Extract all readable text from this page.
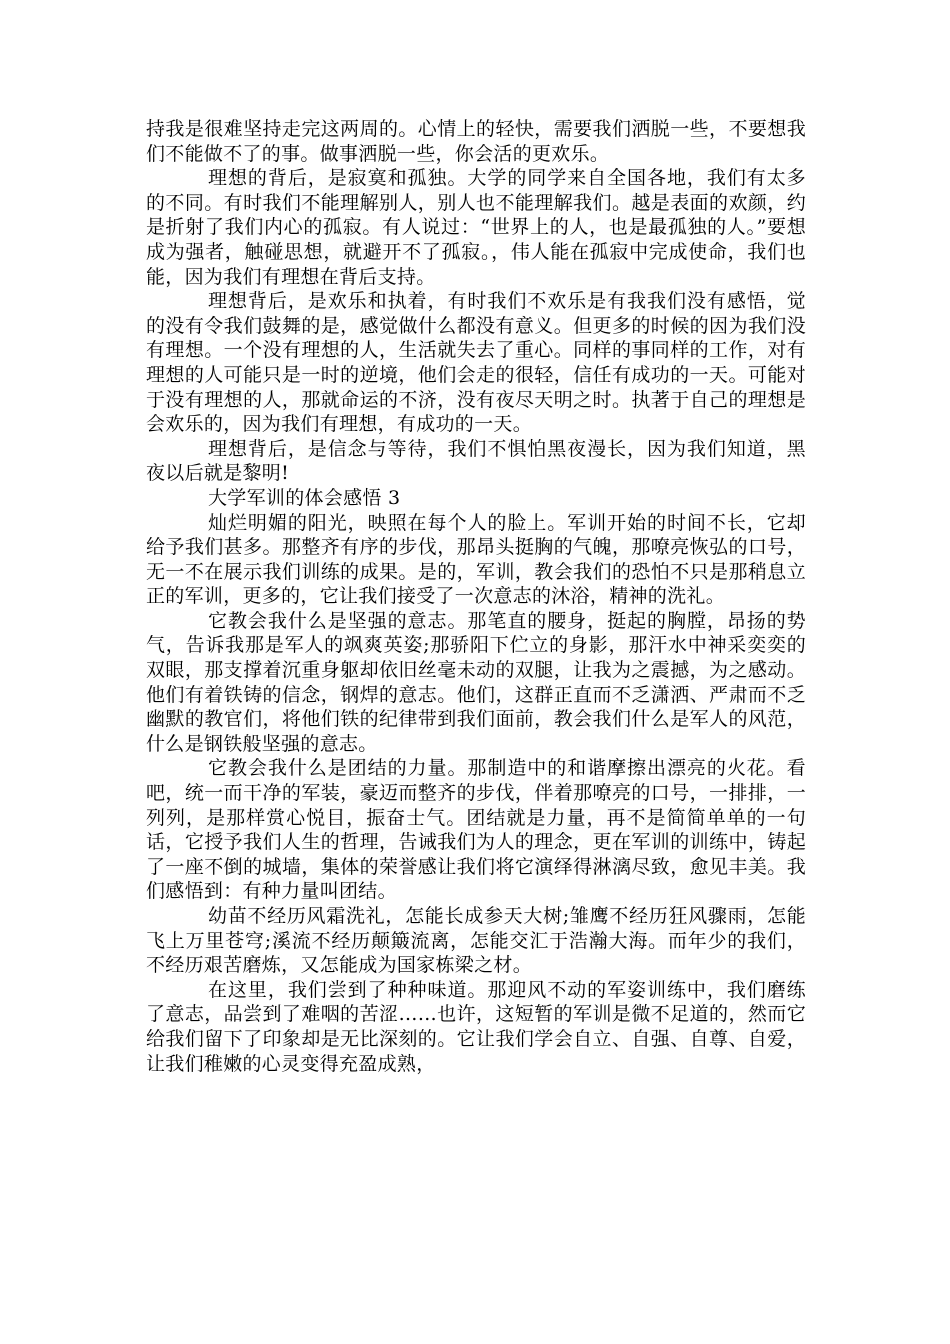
持我是很难坚持走完这两周的。心情上的轻快，需要我们洒脱一些，不要想我们不能做不了的事。做事洒脱一些，你会活的更欢乐。

理想的背后，是寂寞和孤独。大学的同学来自全国各地，我们有太多的不同。有时我们不能理解别人，别人也不能理解我们。越是表面的欢颜，约是折射了我们内心的孤寂。有人说过：“世界上的人，也是最孤独的人。”要想成为强者，触碰思想，就避开不了孤寂。，伟人能在孤寂中完成使命，我们也能，因为我们有理想在背后支持。

理想背后，是欢乐和执着，有时我们不欢乐是有我我们没有感悟，觉的没有令我们鼓舞的是，感觉做什么都没有意义。但更多的时候的因为我们没有理想。一个没有理想的人，生活就失去了重心。同样的事同样的工作，对有理想的人可能只是一时的逆境，他们会走的很轻，信任有成功的一天。可能对于没有理想的人，那就命运的不济，没有夜尽天明之时。执著于自己的理想是会欢乐的，因为我们有理想，有成功的一天。

理想背后，是信念与等待，我们不惧怕黑夜漫长，因为我们知道，黑夜以后就是黎明!

大学军训的体会感悟 3

灿烂明媚的阳光，映照在每个人的脸上。军训开始的时间不长，它却给予我们甚多。那整齐有序的步伐，那昂头挺胸的气魄，那嘹亮恢弘的口号，无一不在展示我们训练的成果。是的，军训，教会我们的恐怕不只是那稍息立正的军训，更多的，它让我们接受了一次意志的沐浴，精神的洗礼。

它教会我什么是坚强的意志。那笔直的腰身，挺起的胸膛，昂扬的势气，告诉我那是军人的飒爽英姿;那骄阳下伫立的身影，那汗水中神采奕奕的双眼，那支撑着沉重身躯却依旧丝毫未动的双腿，让我为之震撼，为之感动。他们有着铁铸的信念，钢焊的意志。他们，这群正直而不乏潇洒、严肃而不乏幽默的教官们，将他们铁的纪律带到我们面前，教会我们什么是军人的风范，什么是钢铁般坚强的意志。

它教会我什么是团结的力量。那制造中的和谐摩擦出漂亮的火花。看吧，统一而干净的军装，豪迈而整齐的步伐，伴着那嘹亮的口号，一排排，一列列，是那样赏心悦目，振奋士气。团结就是力量，再不是简简单单的一句话，它授予我们人生的哲理，告诫我们为人的理念，更在军训的训练中，铸起了一座不倒的城墙，集体的荣誉感让我们将它演绎得淋漓尽致，愈见丰美。我们感悟到：有种力量叫团结。

幼苗不经历风霜洗礼，怎能长成参天大树;雏鹰不经历狂风骤雨，怎能飞上万里苍穹;溪流不经历颠簸流离，怎能交汇于浩瀚大海。而年少的我们，不经历艰苦磨炼，又怎能成为国家栋梁之材。

在这里，我们尝到了种种味道。那迎风不动的军姿训练中，我们磨练了意志，品尝到了难咽的苦涩……也许，这短暂的军训是微不足道的，然而它给我们留下了印象却是无比深刻的。它让我们学会自立、自强、自尊、自爱，让我们稚嫩的心灵变得充盈成熟，
